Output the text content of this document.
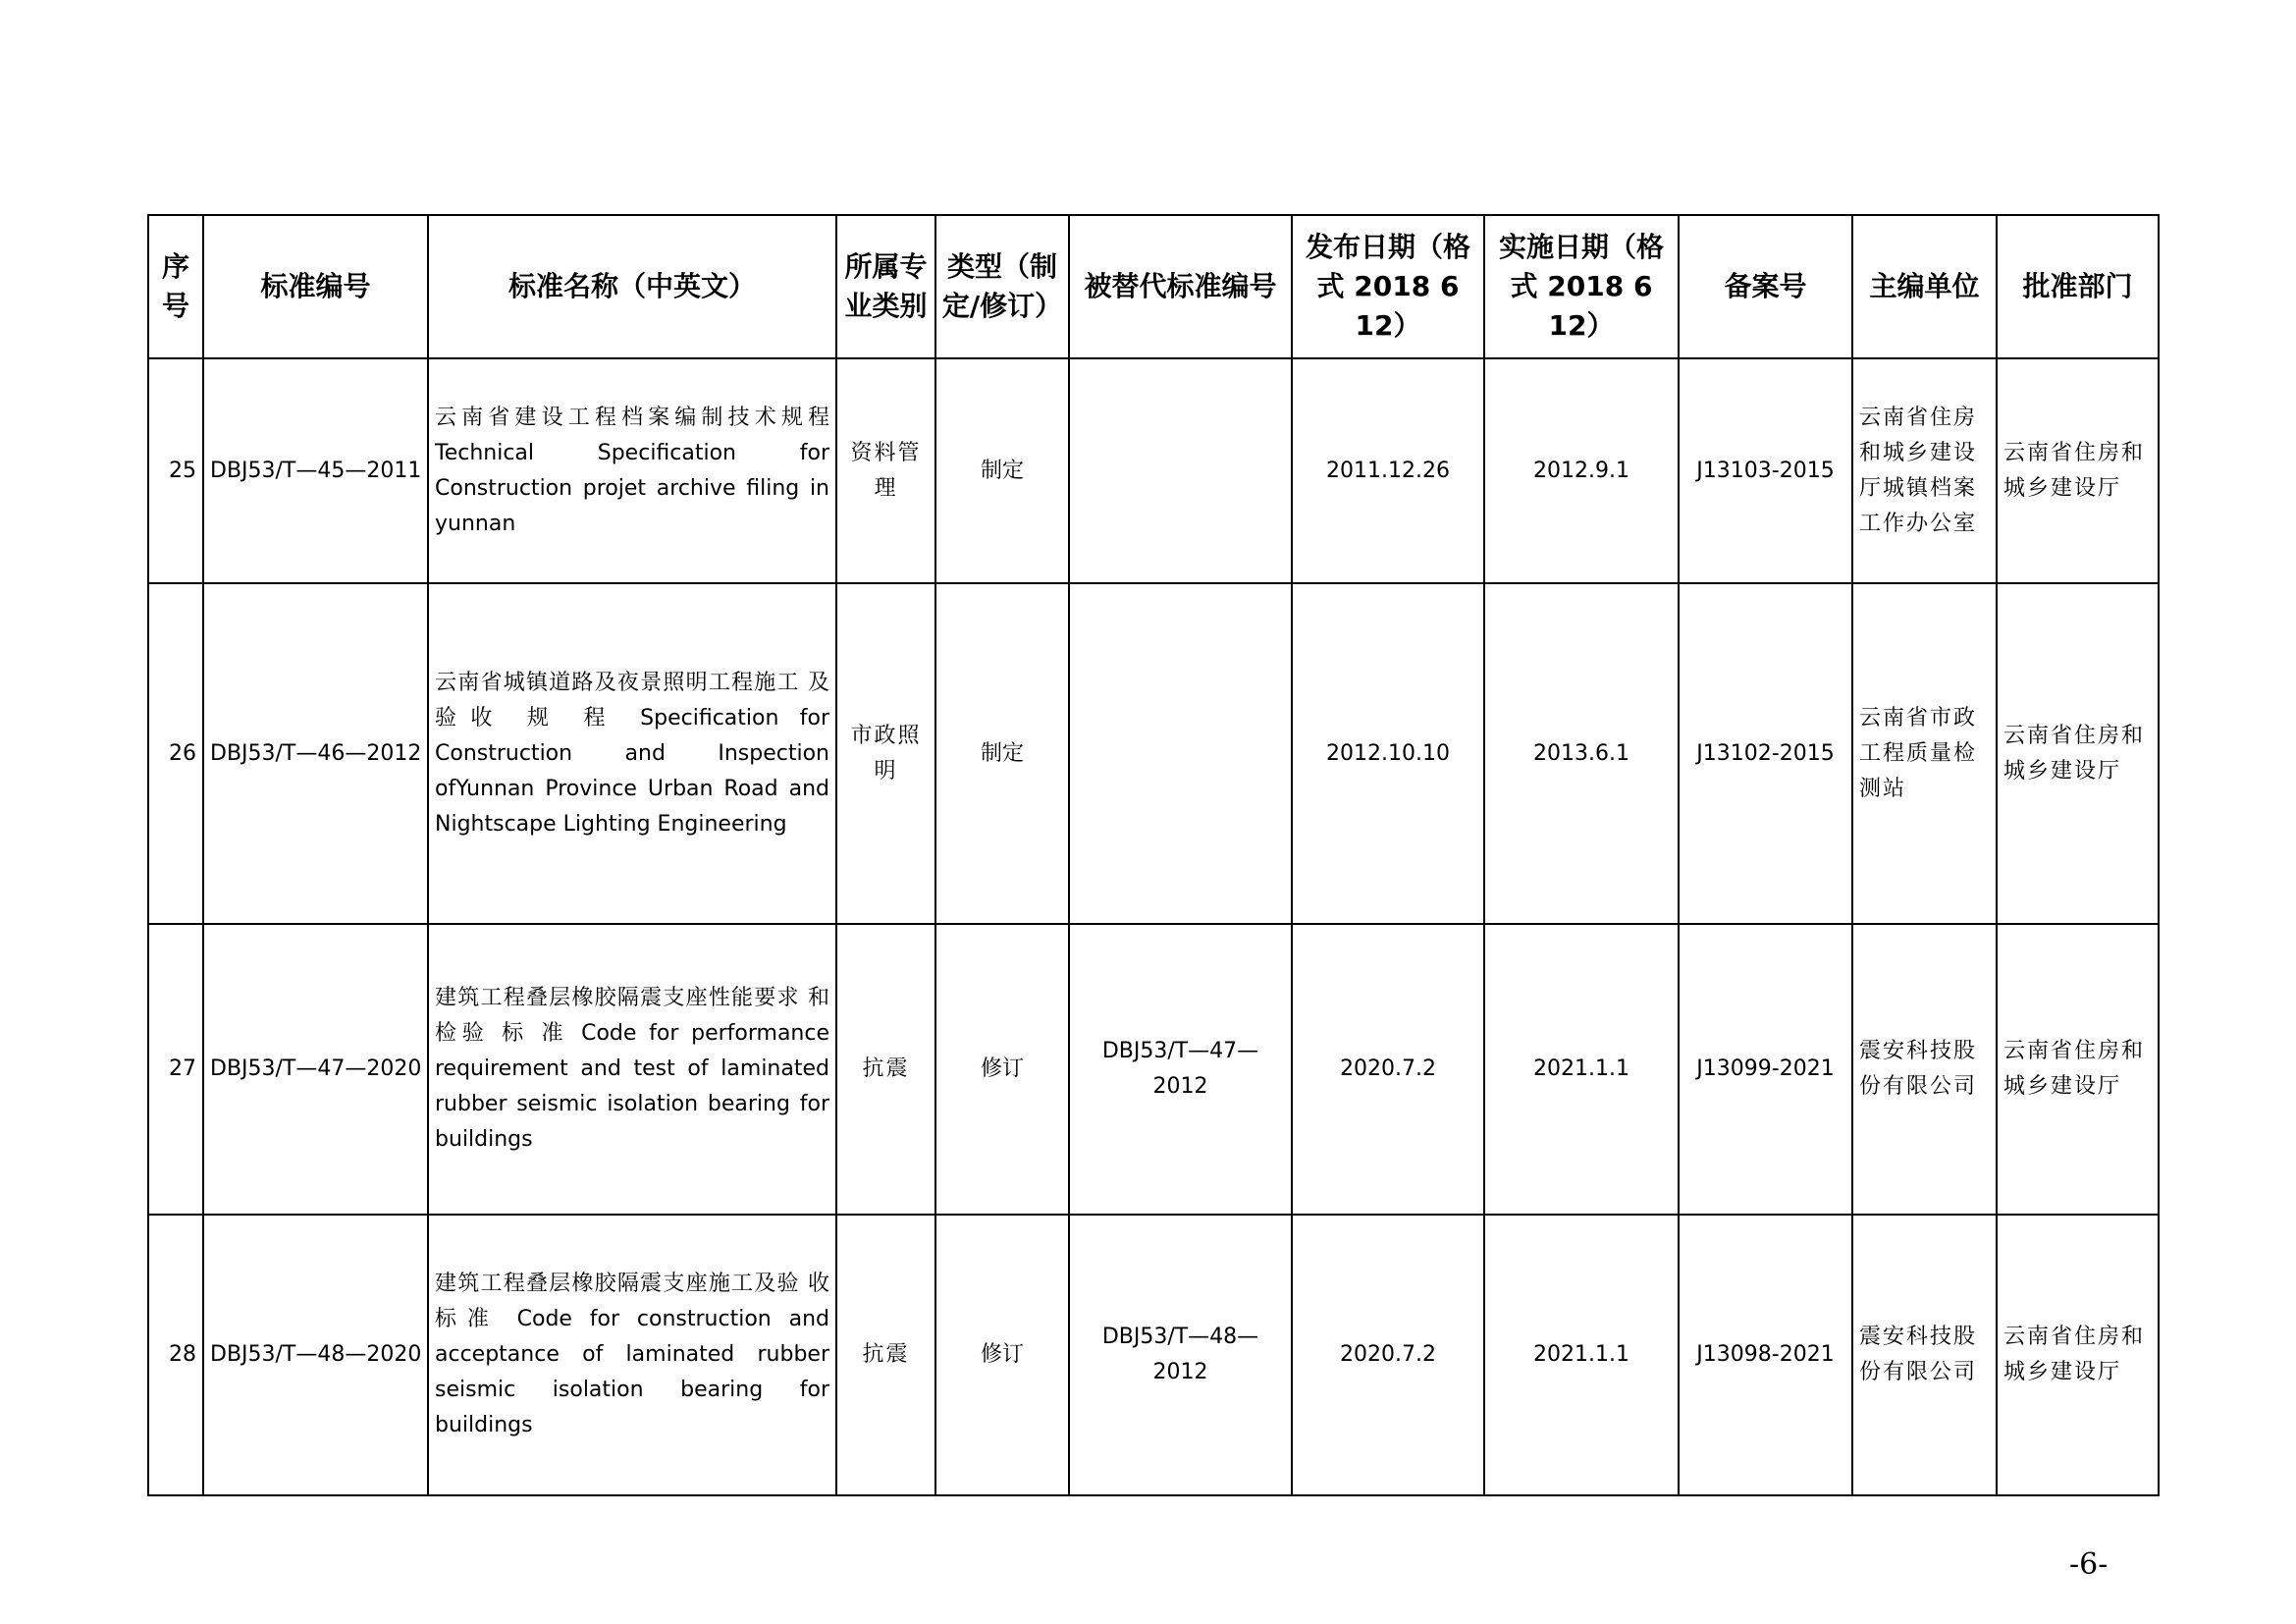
序号	标准编号	标准名称（中英文）	所属专业类别	类型（制定/修订）	被替代标准编号	发布日期（格式 2018 6 12）	实施日期（格式 2018 6 12）	备案号	主编单位	批准部门
25	DBJ53/T—45—2011	云南省建设工程档案编制技术规程 Technical Specification for Construction projet archive filing in yunnan	资料管理	制定		2011.12.26	2012.9.1	J13103-2015	云南省住房和城乡建设厅城镇档案工作办公室	云南省住房和城乡建设厅
26	DBJ53/T—46—2012	云南省城镇道路及夜景照明工程施工 及验收 规 程 Specification for Construction and Inspection ofYunnan Province Urban Road and Nightscape Lighting Engineering	市政照明	制定		2012.10.10	2013.6.1	J13102-2015	云南省市政工程质量检测站	云南省住房和城乡建设厅
27	DBJ53/T—47—2020	建筑工程叠层橡胶隔震支座性能要求 和检验 标 准 Code for performance requirement and test of laminated rubber seismic isolation bearing for buildings	抗震	修订	DBJ53/T—47—2012	2020.7.2	2021.1.1	J13099-2021	震安科技股份有限公司	云南省住房和城乡建设厅
28	DBJ53/T—48—2020	建筑工程叠层橡胶隔震支座施工及验 收标准 Code for construction and acceptance of laminated rubber seismic isolation bearing for buildings	抗震	修订	DBJ53/T—48—2012	2020.7.2	2021.1.1	J13098-2021	震安科技股份有限公司	云南省住房和城乡建设厅
-6-
